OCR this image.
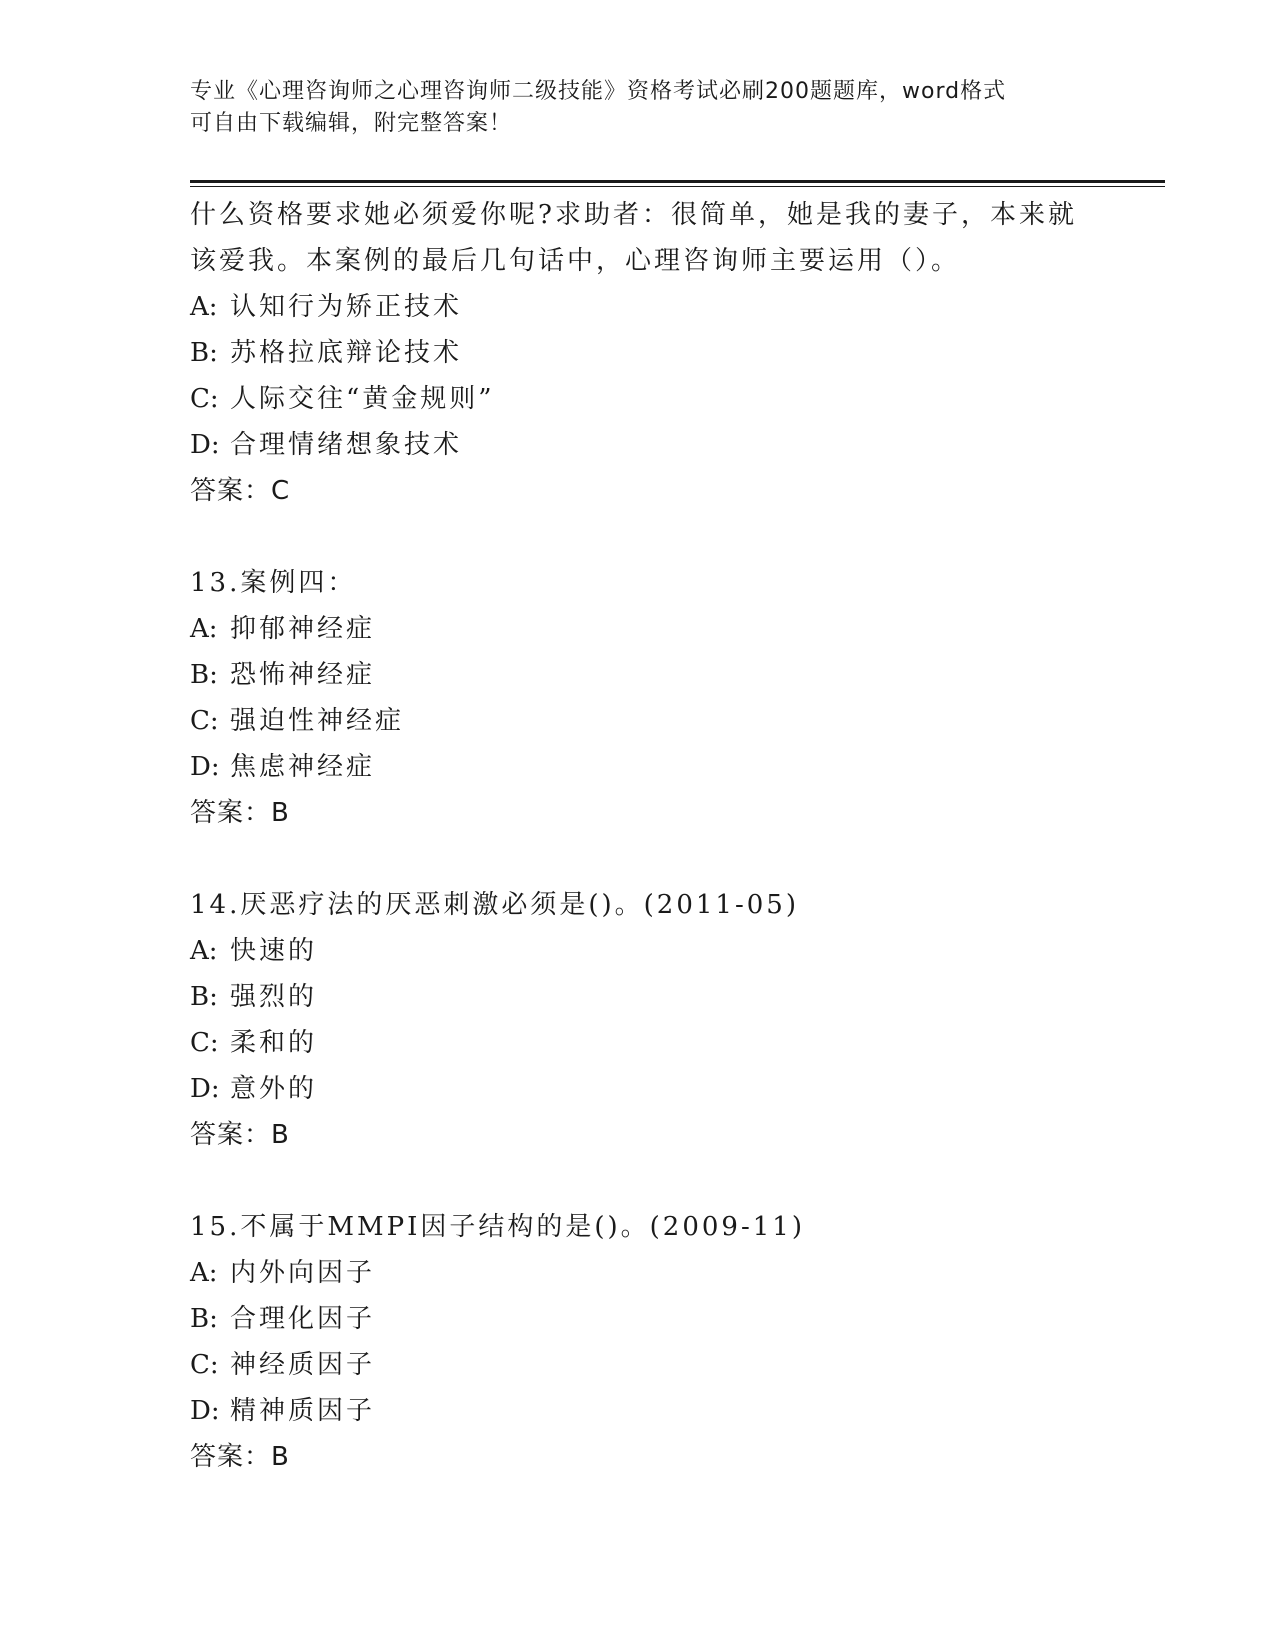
专业《心理咨询师之心理咨询师二级技能》资格考试必刷200题题库，word格式
可自由下载编辑，附完整答案！
什么资格要求她必须爱你呢?求助者：很简单，她是我的妻子，本来就
该爱我。本案例的最后几句话中，心理咨询师主要运用（）。
A: 认知行为矫正技术
B: 苏格拉底辩论技术
C: 人际交往“黄金规则”
D: 合理情绪想象技术
答案：C
13.案例四：
A: 抑郁神经症
B: 恐怖神经症
C: 强迫性神经症
D: 焦虑神经症
答案：B
14.厌恶疗法的厌恶刺激必须是()。(2011-05)
A: 快速的
B: 强烈的
C: 柔和的
D: 意外的
答案：B
15.不属于MMPI因子结构的是()。(2009-11)
A: 内外向因子
B: 合理化因子
C: 神经质因子
D: 精神质因子
答案：B
